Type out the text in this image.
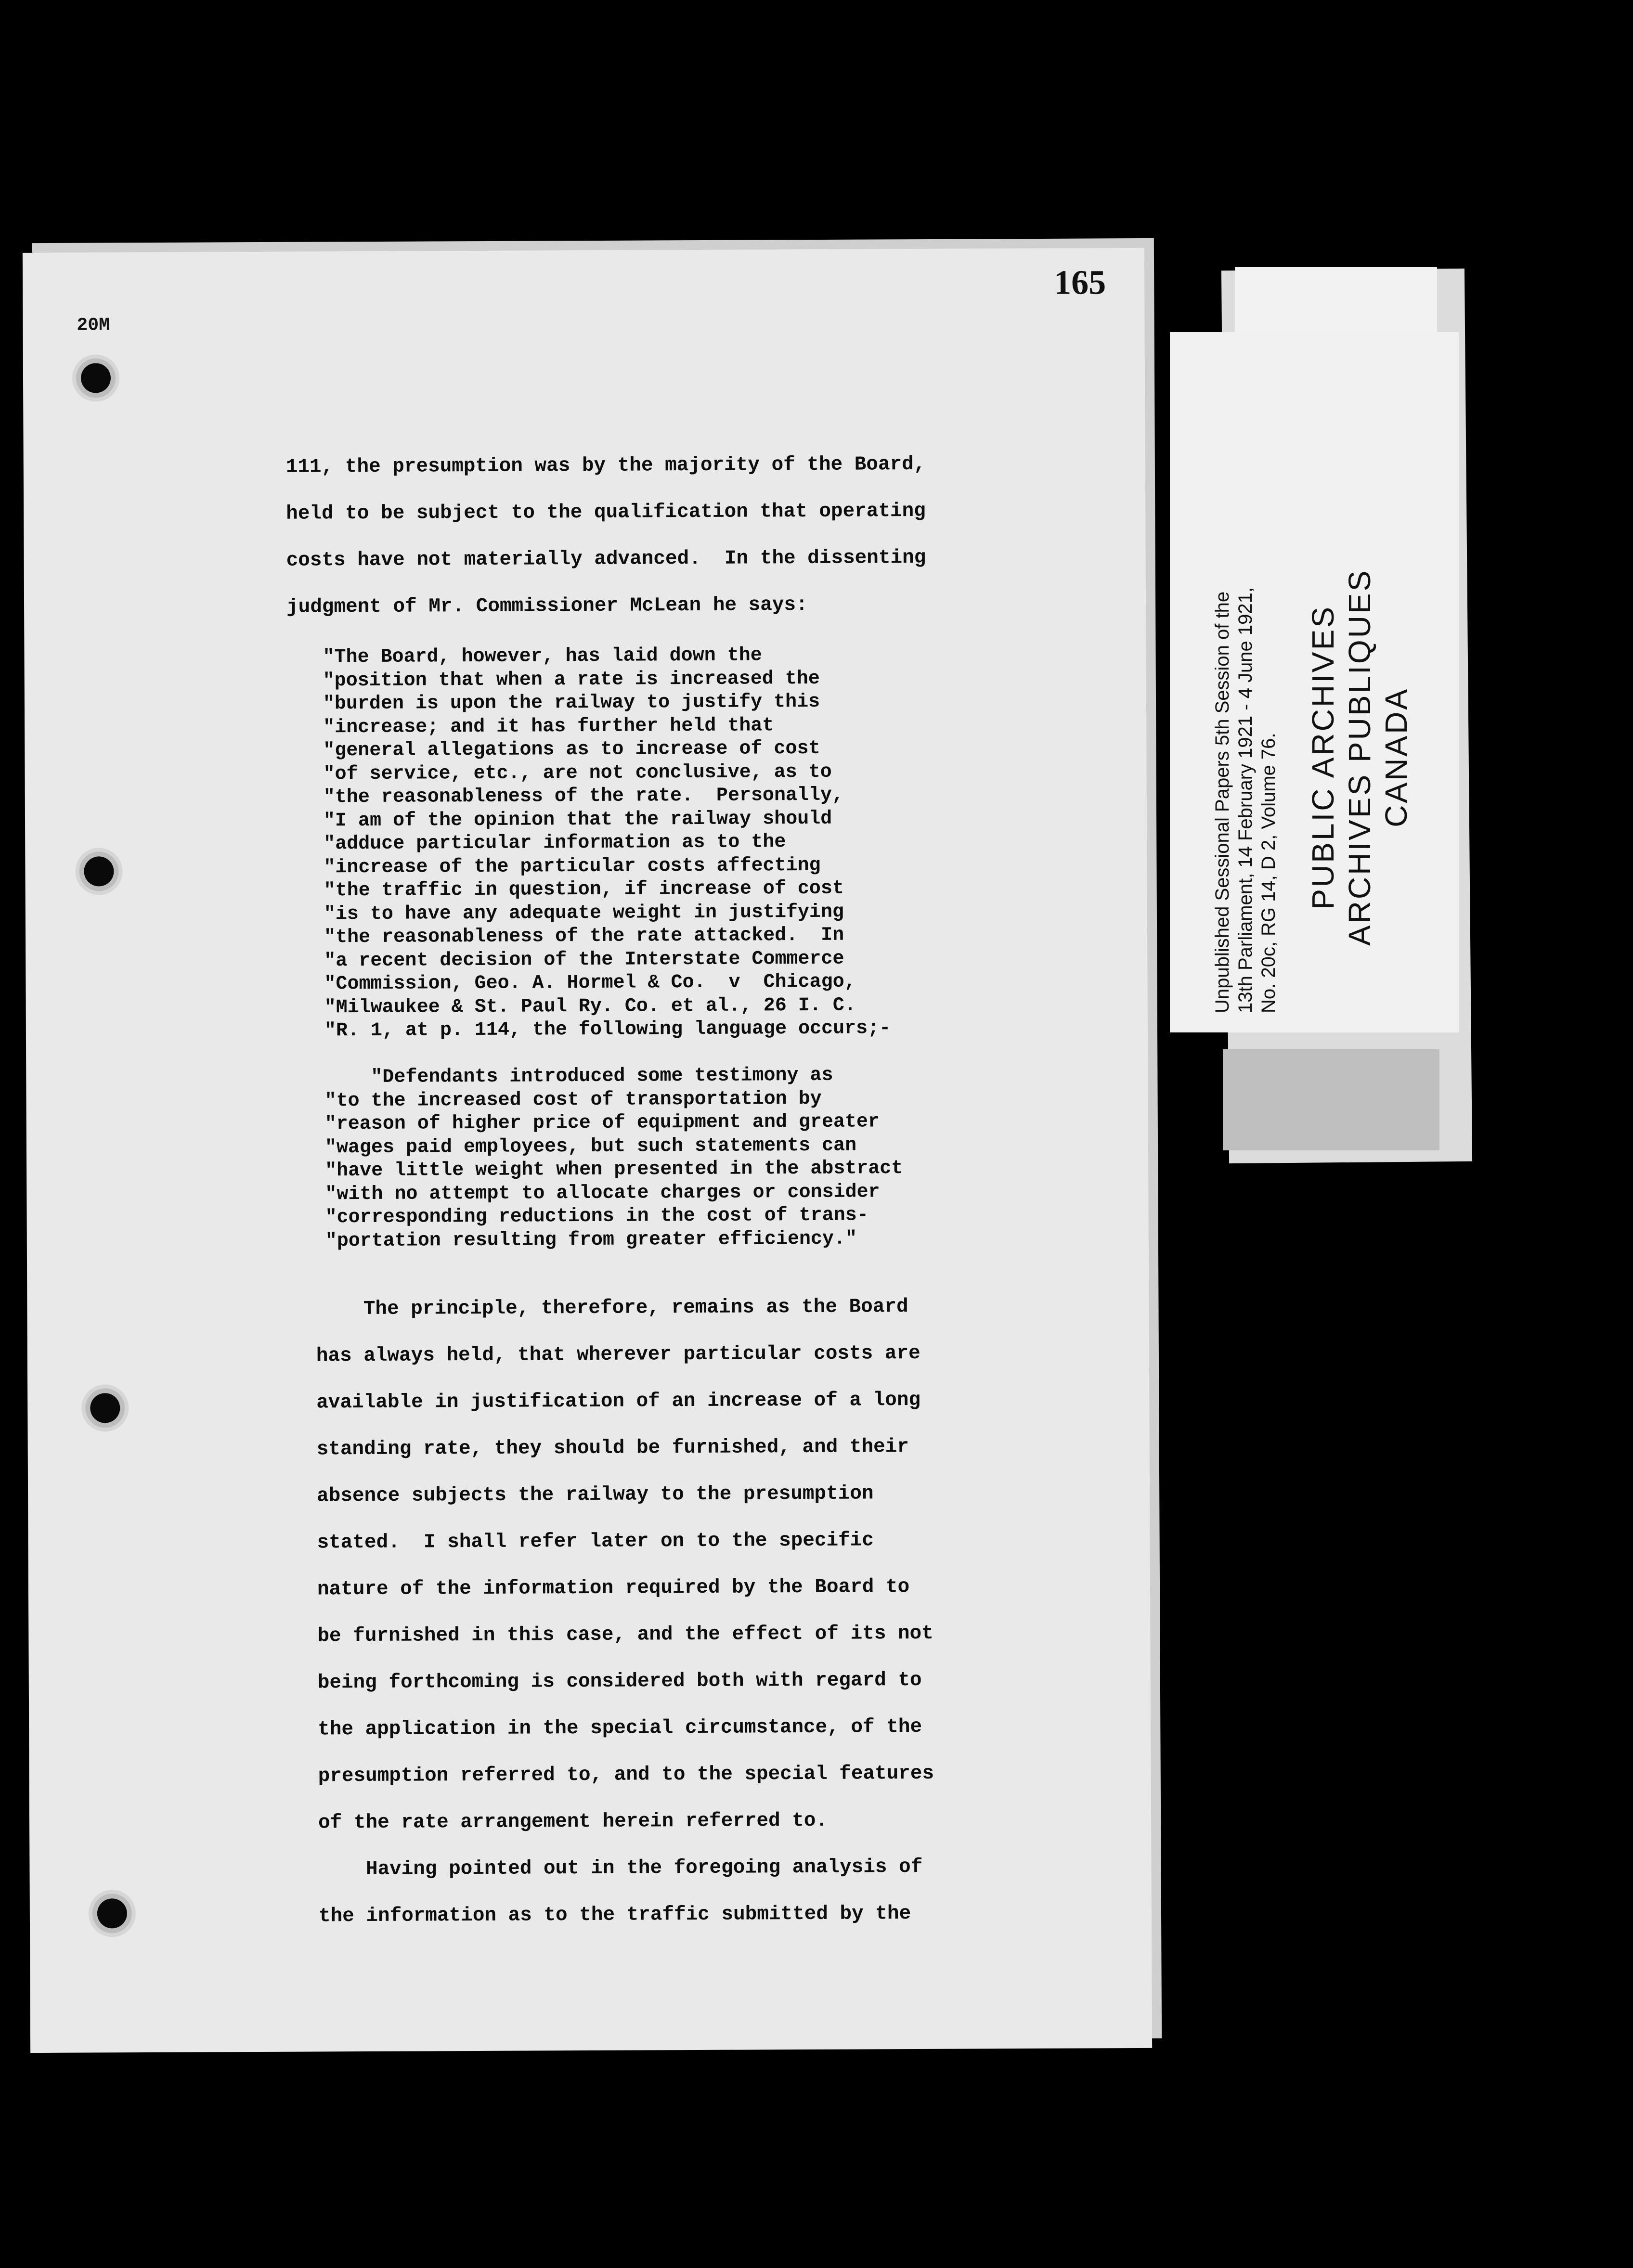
20M
165
111, the presumption was by the majority of the Board,
held to be subject to the qualification that operating
costs have not materially advanced.  In the dissenting
judgment of Mr. Commissioner McLean he says:
"The Board, however, has laid down the
"position that when a rate is increased the
"burden is upon the railway to justify this
"increase; and it has further held that
"general allegations as to increase of cost
"of service, etc., are not conclusive, as to
"the reasonableness of the rate.  Personally,
"I am of the opinion that the railway should
"adduce particular information as to the
"increase of the particular costs affecting
"the traffic in question, if increase of cost
"is to have any adequate weight in justifying
"the reasonableness of the rate attacked.  In
"a recent decision of the Interstate Commerce
"Commission, Geo. A. Hormel & Co.  v  Chicago,
"Milwaukee & St. Paul Ry. Co. et al., 26 I. C.
"R. 1, at p. 114, the following language occurs;-

"Defendants introduced some testimony as
"to the increased cost of transportation by
"reason of higher price of equipment and greater
"wages paid employees, but such statements can
"have little weight when presented in the abstract
"with no attempt to allocate charges or consider
"corresponding reductions in the cost of trans-
"portation resulting from greater efficiency."
The principle, therefore, remains as the Board
has always held, that wherever particular costs are
available in justification of an increase of a long
standing rate, they should be furnished, and their
absence subjects the railway to the presumption
stated.  I shall refer later on to the specific
nature of the information required by the Board to
be furnished in this case, and the effect of its not
being forthcoming is considered both with regard to
the application in the special circumstance, of the
presumption referred to, and to the special features
of the rate arrangement herein referred to.
Having pointed out in the foregoing analysis of
the information as to the traffic submitted by the
Unpublished Sessional Papers 5th Session of the 13th Parliament, 14 February 1921 - 4 June 1921, No. 20c, RG 14, D 2, Volume 76. PUBLIC ARCHIVES ARCHIVES PUBLIQUES CANADA
